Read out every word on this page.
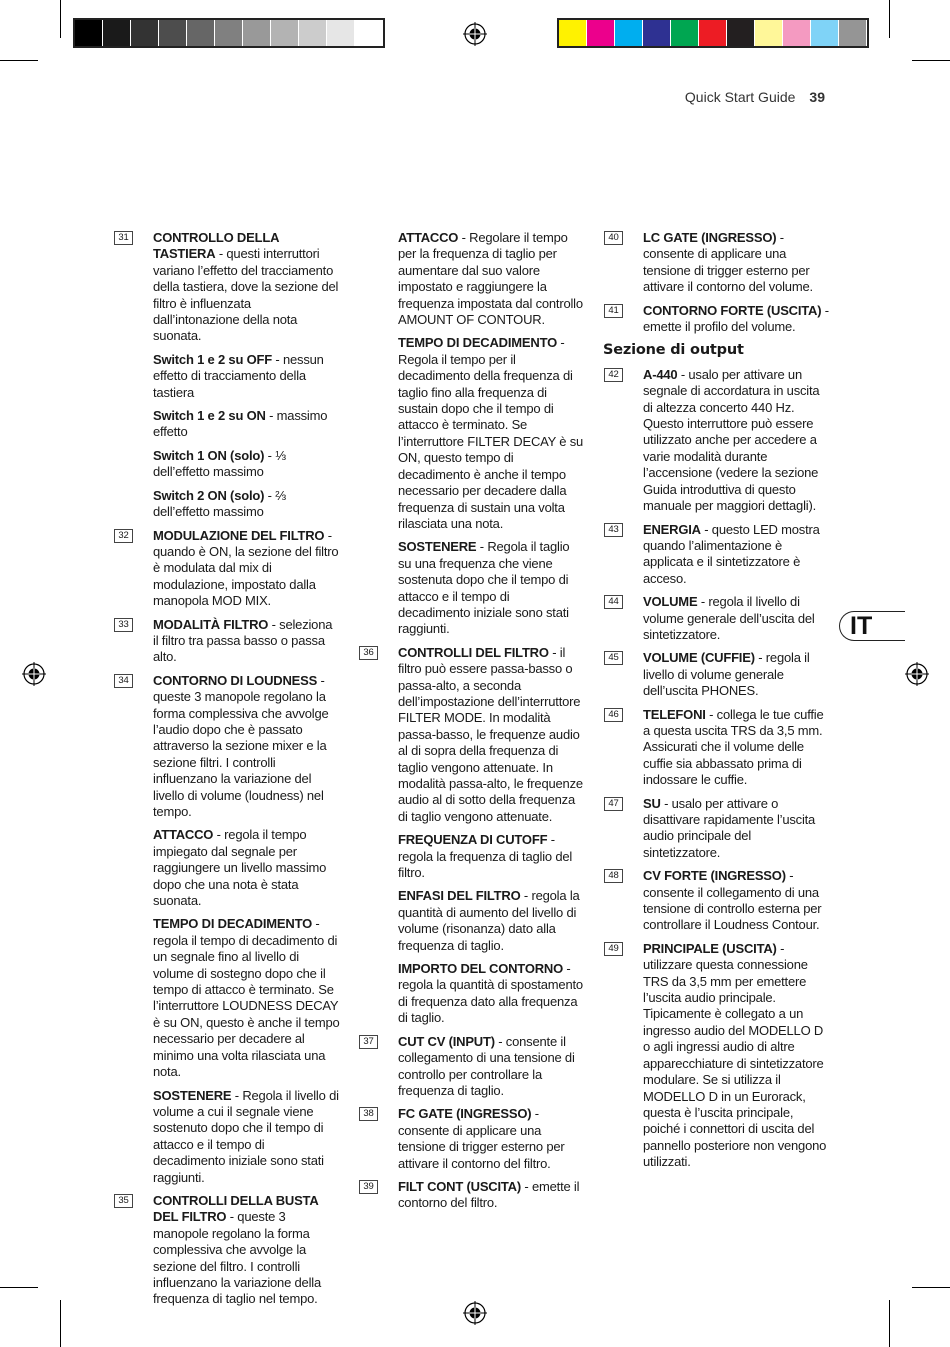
Quick Start Guide 39
IT
31	CONTROLLO DELLA TASTIERA - questi interruttori variano l’effetto del tracciamento della tastiera, dove la sezione del filtro è influenzata dall’intonazione della nota suonata.

Switch 1 e 2 su OFF - nessun effetto di tracciamento della tastiera

Switch 1 e 2 su ON - massimo effetto

Switch 1 ON (solo) - ⅓ dell’effetto massimo

Switch 2 ON (solo) - ⅔ dell’effetto massimo

32	MODULAZIONE DEL FILTRO - quando è ON, la sezione del filtro è modulata dal mix di modulazione, impostato dalla manopola MOD MIX.

33	MODALITÀ FILTRO - seleziona il filtro tra passa basso o passa alto.

34	CONTORNO DI LOUDNESS - queste 3 manopole regolano la forma complessiva che avvolge l’audio dopo che è passato attraverso la sezione mixer e la sezione filtri. I controlli influenzano la variazione del livello di volume (loudness) nel tempo.

ATTACCO - regola il tempo impiegato dal segnale per raggiungere un livello massimo dopo che una nota è stata suonata.

TEMPO DI DECADIMENTO - regola il tempo di decadimento di un segnale fino al livello di volume di sostegno dopo che il tempo di attacco è terminato. Se l’interruttore LOUDNESS DECAY è su ON, questo è anche il tempo necessario per decadere al minimo una volta rilasciata una nota.

SOSTENERE - Regola il livello di volume a cui il segnale viene sostenuto dopo che il tempo di attacco e il tempo di decadimento iniziale sono stati raggiunti.

35	CONTROLLI DELLA BUSTA DEL FILTRO - queste 3 manopole regolano la forma complessiva che avvolge la sezione del filtro. I controlli influenzano la variazione della frequenza di taglio nel tempo.

ATTACCO - Regolare il tempo per la frequenza di taglio per aumentare dal suo valore impostato e raggiungere la frequenza impostata dal controllo AMOUNT OF CONTOUR.

TEMPO DI DECADIMENTO - Regola il tempo per il decadimento della frequenza di taglio fino alla frequenza di sustain dopo che il tempo di attacco è terminato. Se l’interruttore FILTER DECAY è su ON, questo tempo di decadimento è anche il tempo necessario per decadere dalla frequenza di sustain una volta rilasciata una nota.

SOSTENERE - Regola il taglio su una frequenza che viene sostenuta dopo che il tempo di attacco e il tempo di decadimento iniziale sono stati raggiunti.

36	CONTROLLI DEL FILTRO - il filtro può essere passa-basso o passa-alto, a seconda dell’impostazione dell’interruttore FILTER MODE. In modalità passa-basso, le frequenze audio al di sopra della frequenza di taglio vengono attenuate. In modalità passa-alto, le frequenze audio al di sotto della frequenza di taglio vengono attenuate.

FREQUENZA DI CUTOFF - regola la frequenza di taglio del filtro.

ENFASI DEL FILTRO - regola la quantità di aumento del livello di volume (risonanza) dato alla frequenza di taglio.

IMPORTO DEL CONTORNO - regola la quantità di spostamento di frequenza dato alla frequenza di taglio.

37	CUT CV (INPUT) - consente il collegamento di una tensione di controllo per controllare la frequenza di taglio.

38	FC GATE (INGRESSO) - consente di applicare una tensione di trigger esterno per attivare il contorno del filtro.

39	FILT CONT (USCITA) - emette il contorno del filtro.

40	LC GATE (INGRESSO) - consente di applicare una tensione di trigger esterno per attivare il contorno del volume.

41	CONTORNO FORTE (USCITA) - emette il profilo del volume.

Sezione di output
42	A-440 - usalo per attivare un segnale di accordatura in uscita di altezza concerto 440 Hz. Questo interruttore può essere utilizzato anche per accedere a varie modalità durante l’accensione (vedere la sezione Guida introduttiva di questo manuale per maggiori dettagli).

43	ENERGIA - questo LED mostra quando l’alimentazione è applicata e il sintetizzatore è acceso.

44	VOLUME - regola il livello di volume generale dell’uscita del sintetizzatore.

45	VOLUME (CUFFIE) - regola il livello di volume generale dell’uscita PHONES.

46	TELEFONI - collega le tue cuffie a questa uscita TRS da 3,5 mm. Assicurati che il volume delle cuffie sia abbassato prima di indossare le cuffie.

47	SU - usalo per attivare o disattivare rapidamente l’uscita audio principale del sintetizzatore.

48	CV FORTE (INGRESSO) - consente il collegamento di una tensione di controllo esterna per controllare il Loudness Contour.

49	PRINCIPALE (USCITA) - utilizzare questa connessione TRS da 3,5 mm per emettere l’uscita audio principale. Tipicamente è collegato a un ingresso audio del MODELLO D o agli ingressi audio di altre apparecchiature di sintetizzatore modulare. Se si utilizza il MODELLO D in un Eurorack, questa è l’uscita principale, poiché i connettori di uscita del pannello posteriore non vengono utilizzati.
